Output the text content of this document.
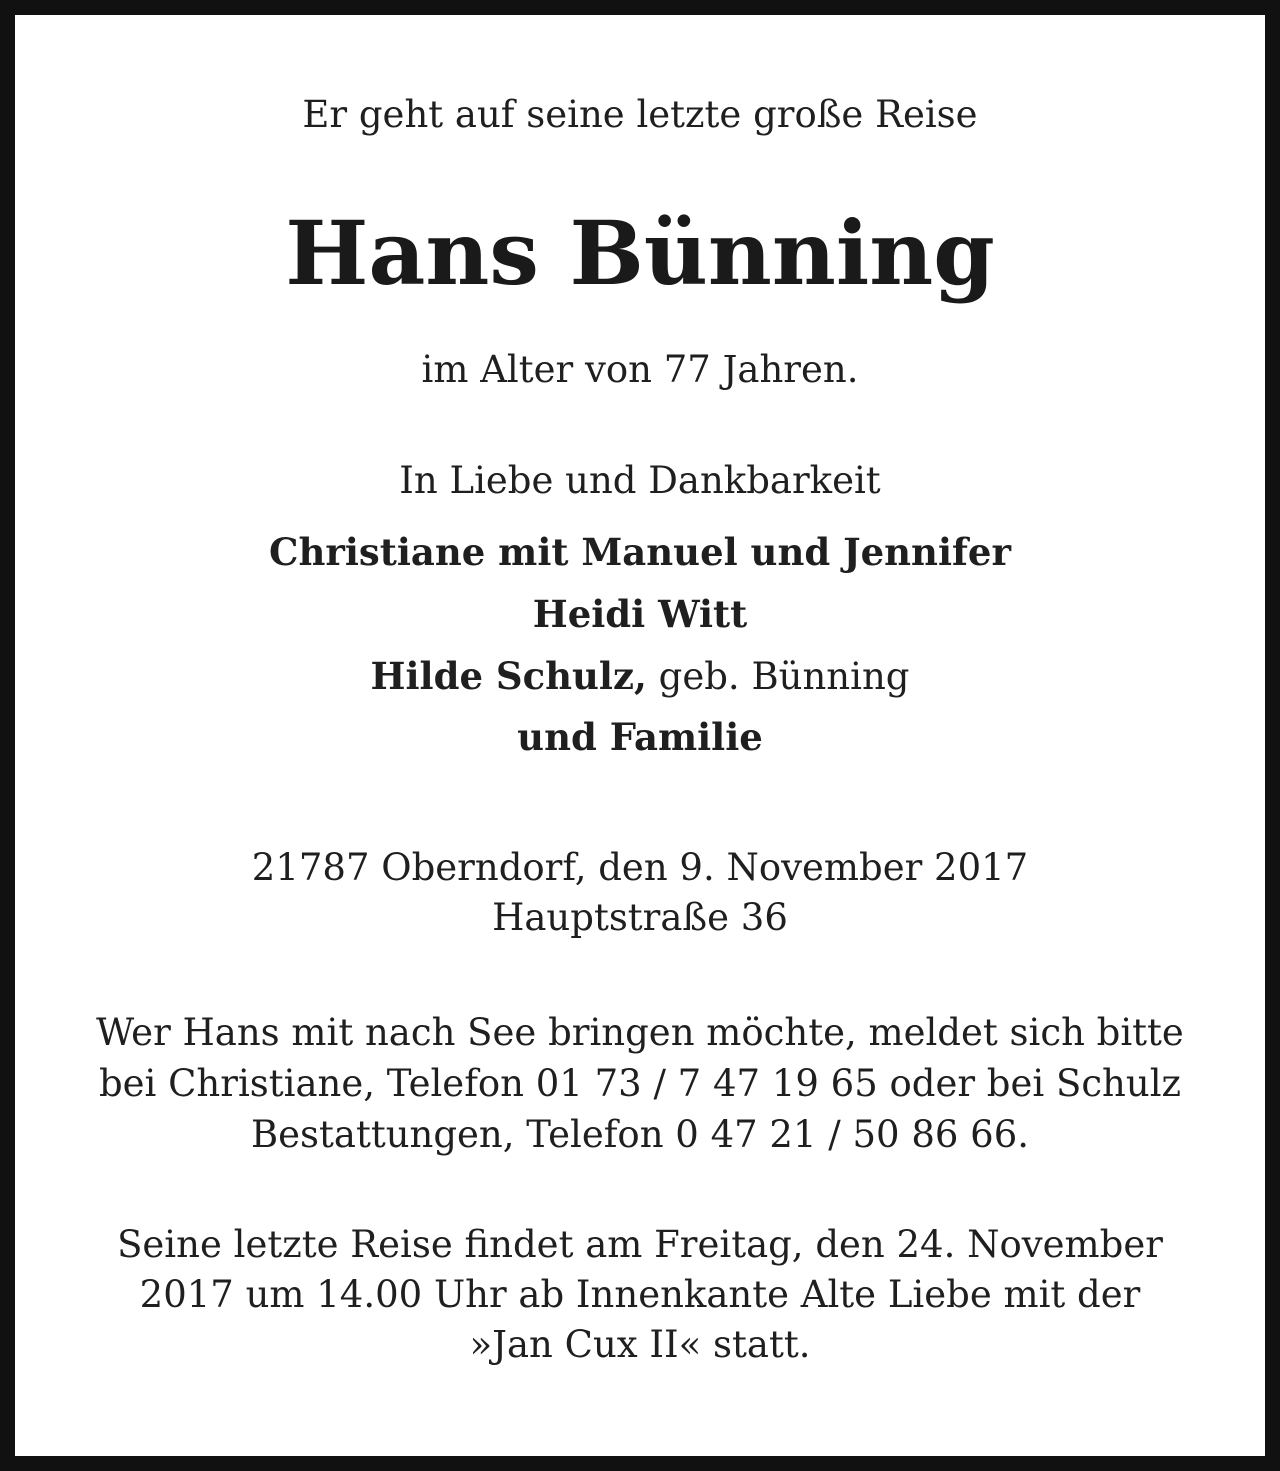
Er geht auf seine letzte große Reise

Hans Bünning

im Alter von 77 Jahren.

In Liebe und Dankbarkeit

Christiane mit Manuel und Jennifer

Heidi Witt

Hilde Schulz, geb. Bünning

und Familie

21787 Oberndorf, den 9. November 2017

Hauptstraße 36

Wer Hans mit nach See bringen möchte, meldet sich bitte

bei Christiane, Telefon 01 73 / 7 47 19 65 oder bei Schulz

Bestattungen, Telefon 0 47 21 / 50 86 66.

Seine letzte Reise findet am Freitag, den 24. November

2017 um 14.00 Uhr ab Innenkante Alte Liebe mit der

»Jan Cux II« statt.
